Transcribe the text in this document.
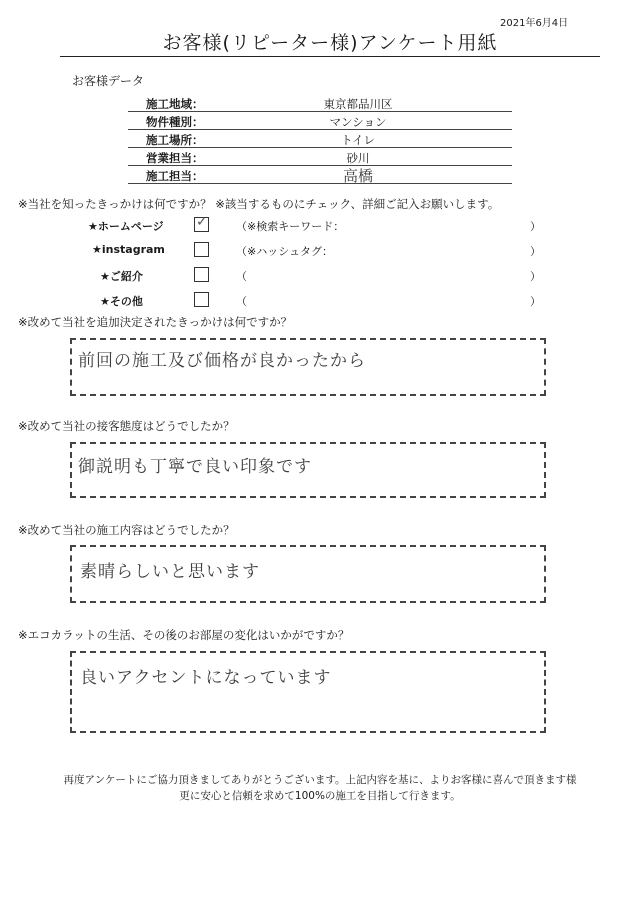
2021年6月4日
お客様(リピーター様)アンケート用紙
お客様データ
施工地域：	東京都品川区
物件種別：	マンション
施工場所：	トイレ
営業担当：	砂川
施工担当：	高橋
※当社を知ったきっかけは何ですか？ ※該当するものにチェック、詳細ご記入お願いします。
★ホームページ ✓	（※検索キーワード：	）
★instagram	（※ハッシュタグ：	）
★ご紹介	（	）
★その他	（	）
※改めて当社を追加決定されたきっかけは何ですか？
前回の施工及び価格が良かったから
※改めて当社の接客態度はどうでしたか？
御説明も丁寧で良い印象です
※改めて当社の施工内容はどうでしたか？
素晴らしいと思います
※エコカラットの生活、その後のお部屋の変化はいかがですか？
良いアクセントになっています
再度アンケートにご協力頂きましてありがとうございます。上記内容を基に、よりお客様に喜んで頂きます様
更に安心と信頼を求めて100%の施工を目指して行きます。
